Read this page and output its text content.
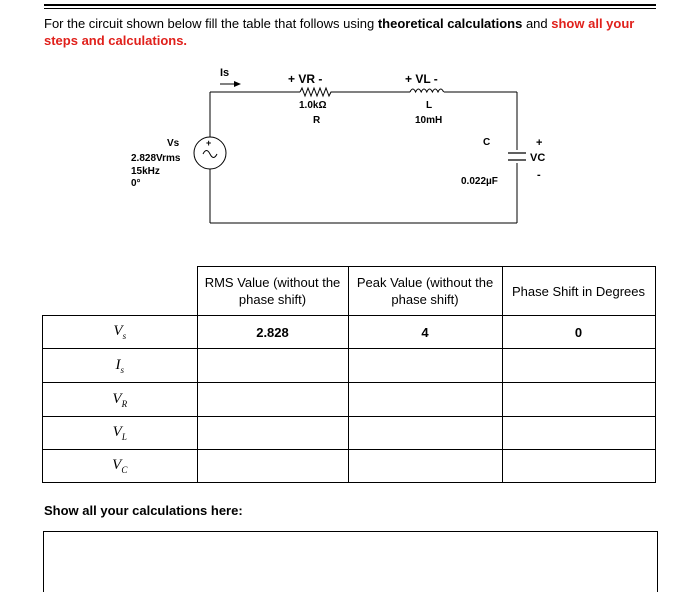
For the circuit shown below fill the table that follows using theoretical calculations and show all your steps and calculations.
Is	+ VR -
1.0kΩ
R
+ VL -
L
10mH
Vs
2.828Vrms
15kHz
0°
+	C
0.022µF
+
VC
-
	RMS Value (without the phase shift)	Peak Value (without the phase shift)	Phase Shift in Degrees
$V_s$	2.828	4	0
$I_s$			
$V_R$			
$V_L$			
$V_C$			
Show all your calculations here:
